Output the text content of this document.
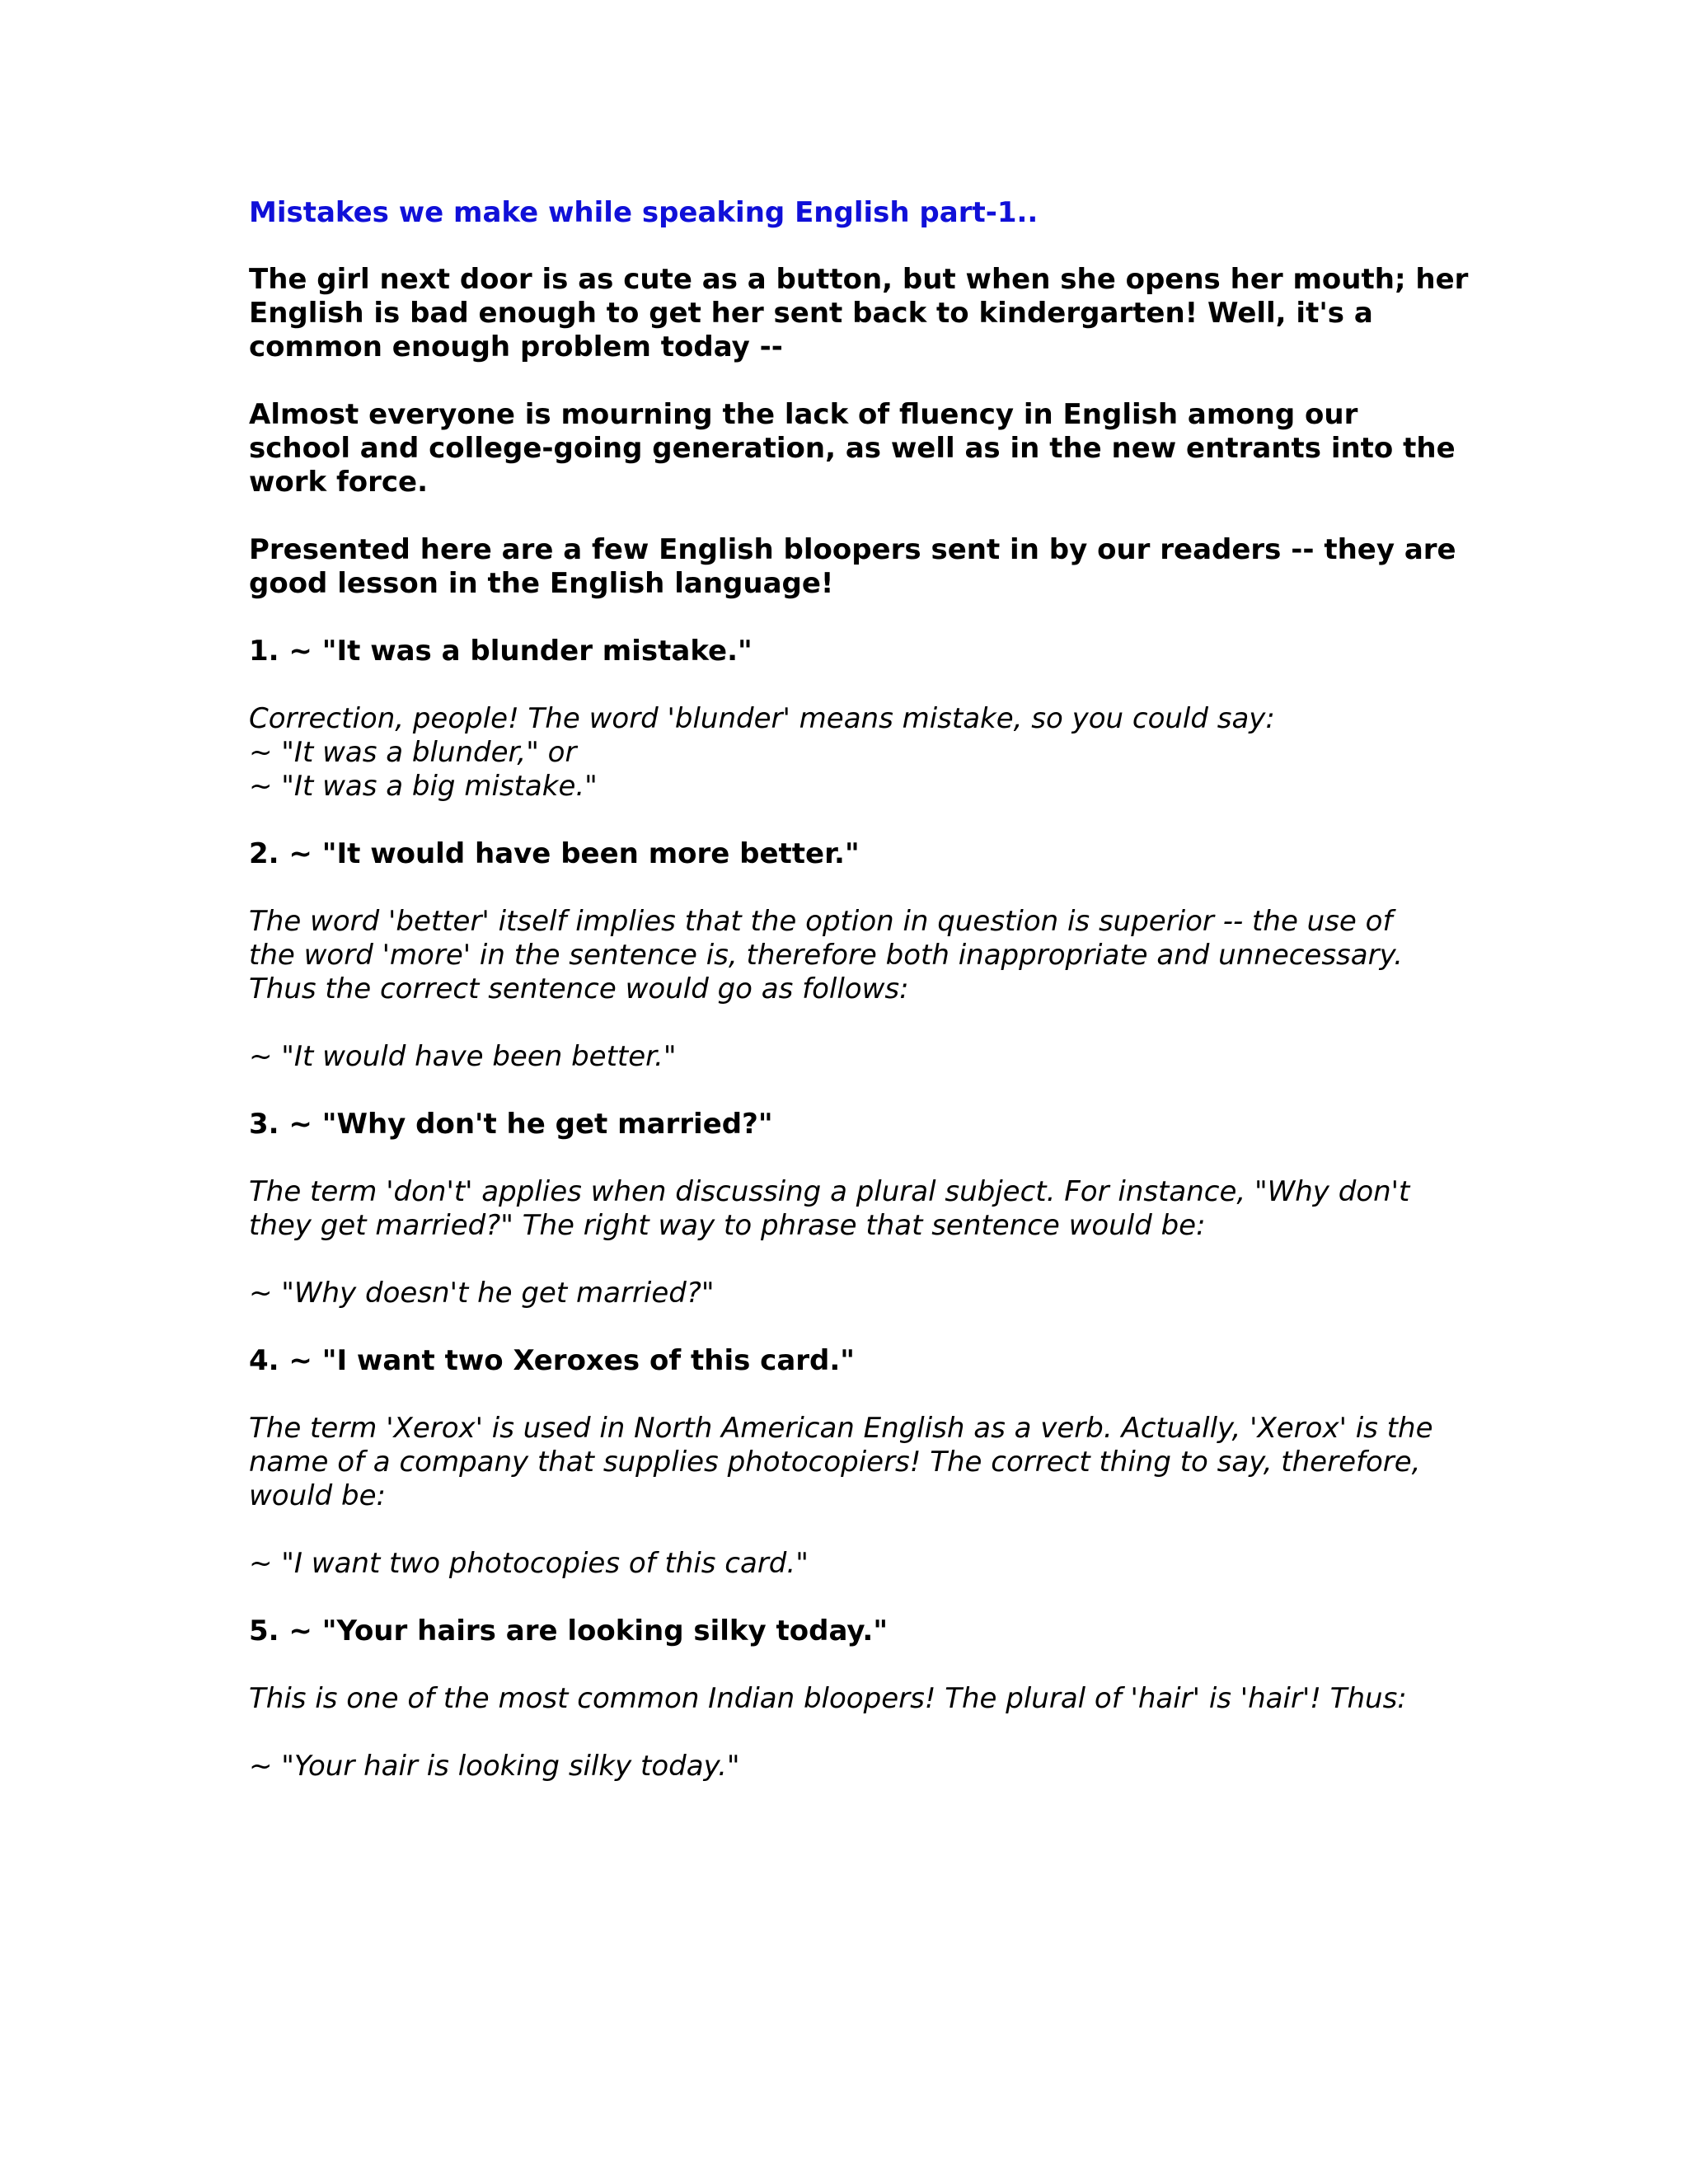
Mistakes we make while speaking English part-1..
The girl next door is as cute as a button, but when she opens her mouth; her
English is bad enough to get her sent back to kindergarten! Well, it's a
common enough problem today --
Almost everyone is mourning the lack of fluency in English among our
school and college-going generation, as well as in the new entrants into the
work force.
Presented here are a few English bloopers sent in by our readers -- they are
good lesson in the English language!
1. ~ "It was a blunder mistake."
Correction, people! The word 'blunder' means mistake, so you could say:
~ "It was a blunder," or
~ "It was a big mistake."
2. ~ "It would have been more better."
The word 'better' itself implies that the option in question is superior -- the use of
the word 'more' in the sentence is, therefore both inappropriate and unnecessary.
Thus the correct sentence would go as follows:
~ "It would have been better."
3. ~ "Why don't he get married?"
The term 'don't' applies when discussing a plural subject. For instance, "Why don't
they get married?" The right way to phrase that sentence would be:
~ "Why doesn't he get married?"
4. ~ "I want two Xeroxes of this card."
The term 'Xerox' is used in North American English as a verb. Actually, 'Xerox' is the
name of a company that supplies photocopiers! The correct thing to say, therefore,
would be:
~ "I want two photocopies of this card."
5. ~ "Your hairs are looking silky today."
This is one of the most common Indian bloopers! The plural of 'hair' is 'hair'! Thus:
~ "Your hair is looking silky today."
